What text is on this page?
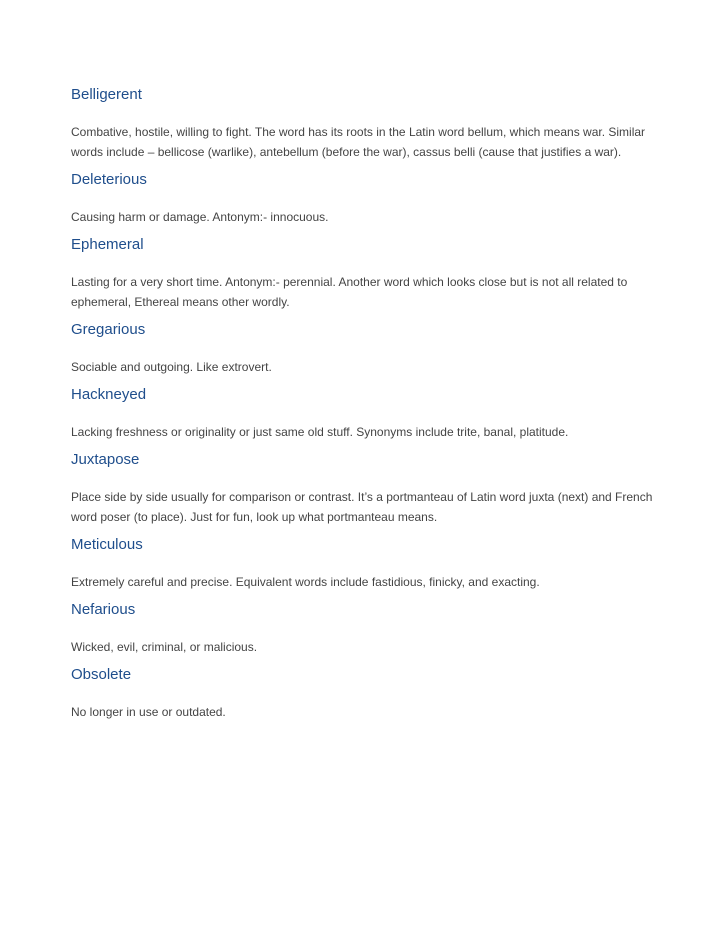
Belligerent

Combative, hostile, willing to fight. The word has its roots in the Latin word bellum, which means war. Similar words include – bellicose (warlike), antebellum (before the war), cassus belli (cause that justifies a war).

Deleterious

Causing harm or damage. Antonym:- innocuous.

Ephemeral

Lasting for a very short time. Antonym:- perennial. Another word which looks close but is not all related to ephemeral, Ethereal means other wordly.

Gregarious

Sociable and outgoing. Like extrovert.

Hackneyed

Lacking freshness or originality or just same old stuff. Synonyms include trite, banal, platitude.

Juxtapose

Place side by side usually for comparison or contrast. It’s a portmanteau of Latin word juxta (next) and French word poser (to place). Just for fun, look up what portmanteau means.

Meticulous

Extremely careful and precise. Equivalent words include fastidious, finicky, and exacting.

Nefarious

Wicked, evil, criminal, or malicious.

Obsolete

No longer in use or outdated.
